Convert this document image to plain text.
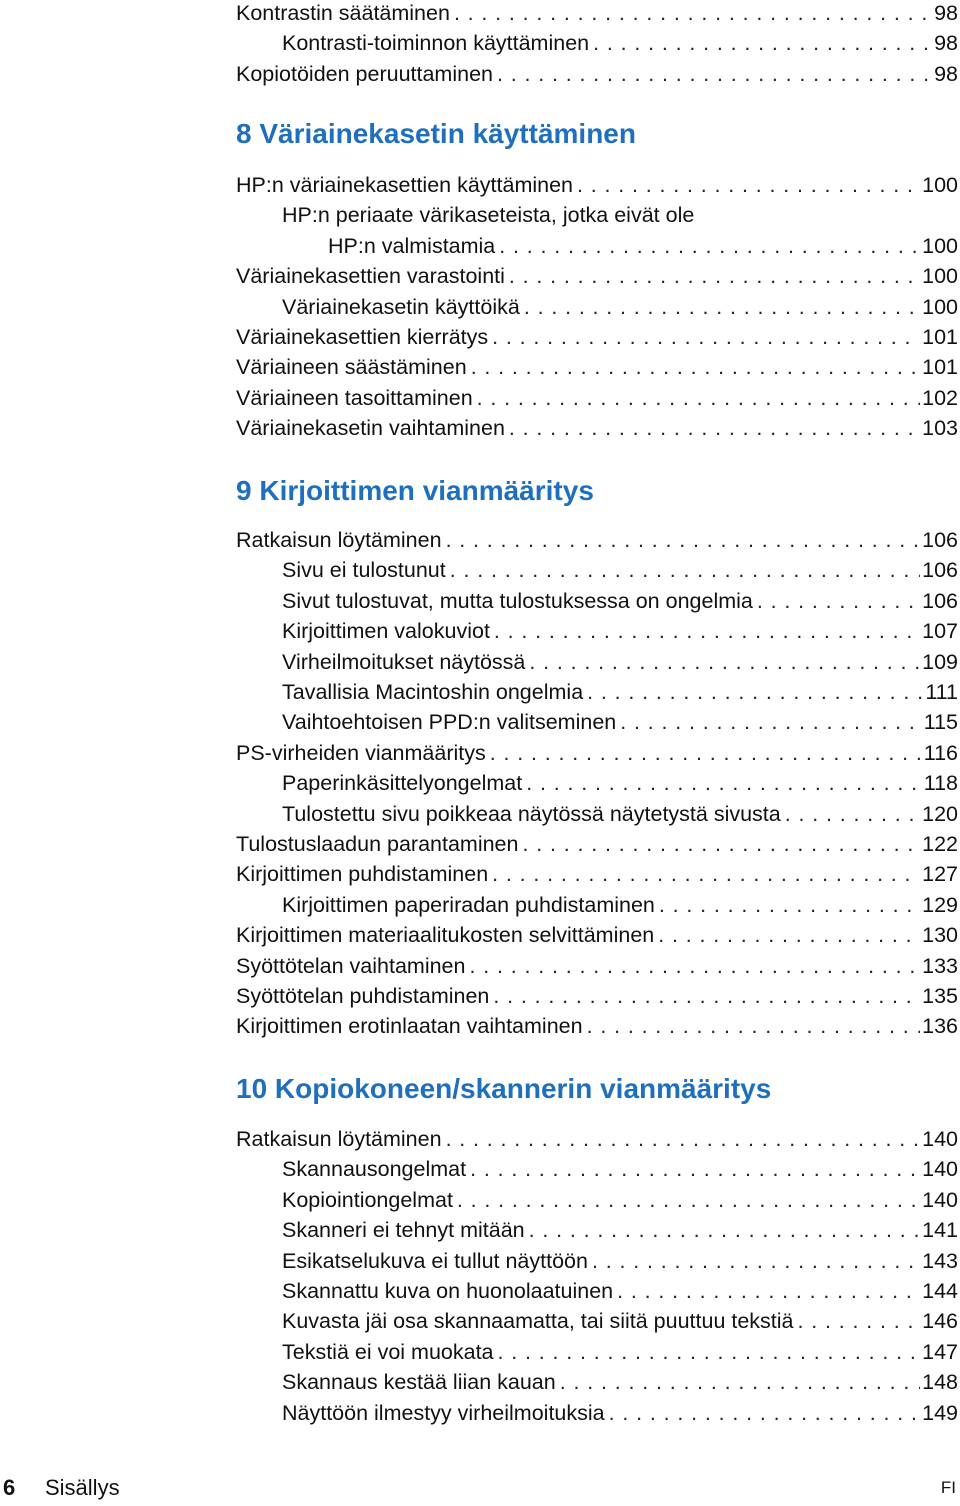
Kontrastin säätäminen . . .	98
Kontrasti-toiminnon käyttäminen . . .	98
Kopiotöiden peruuttaminen . . .	98
8 Väriainekasetin käyttäminen
HP:n väriainekasettien käyttäminen . . .	100
HP:n periaate värikaseteista, jotka eivät ole
HP:n valmistamia . . .	100
Väriainekasettien varastointi . . .	100
Väriainekasetin käyttöikä . . .	100
Väriainekasettien kierrätys . . .	101
Väriaineen säästäminen . . .	101
Väriaineen tasoittaminen . . .	102
Väriainekasetin vaihtaminen . . .	103
9 Kirjoittimen vianmääritys
Ratkaisun löytäminen . . .	106
Sivu ei tulostunut . . .	106
Sivut tulostuvat, mutta tulostuksessa on ongelmia . . .	106
Kirjoittimen valokuviot . . .	107
Virheilmoitukset näytössä . . .	109
Tavallisia Macintoshin ongelmia . . .	111
Vaihtoehtoisen PPD:n valitseminen . . .	115
PS-virheiden vianmääritys . . .	116
Paperinkäsittelyongelmat . . .	118
Tulostettu sivu poikkeaa näytössä näytetystä sivusta . . .	120
Tulostuslaadun parantaminen . . .	122
Kirjoittimen puhdistaminen . . .	127
Kirjoittimen paperiradan puhdistaminen . . .	129
Kirjoittimen materiaalitukosten selvittäminen . . .	130
Syöttötelan vaihtaminen . . .	133
Syöttötelan puhdistaminen . . .	135
Kirjoittimen erotinlaatan vaihtaminen . . .	136
10 Kopiokoneen/skannerin vianmääritys
Ratkaisun löytäminen . . .	140
Skannausongelmat . . .	140
Kopiointiongelmat . . .	140
Skanneri ei tehnyt mitään . . .	141
Esikatselukuva ei tullut näyttöön . . .	143
Skannattu kuva on huonolaatuinen . . .	144
Kuvasta jäi osa skannaamatta, tai siitä puuttuu tekstiä . . .	146
Tekstiä ei voi muokata . . .	147
Skannaus kestää liian kauan . . .	148
Näyttöön ilmestyy virheilmoituksia . . .	149
6 Sisällys	FI
